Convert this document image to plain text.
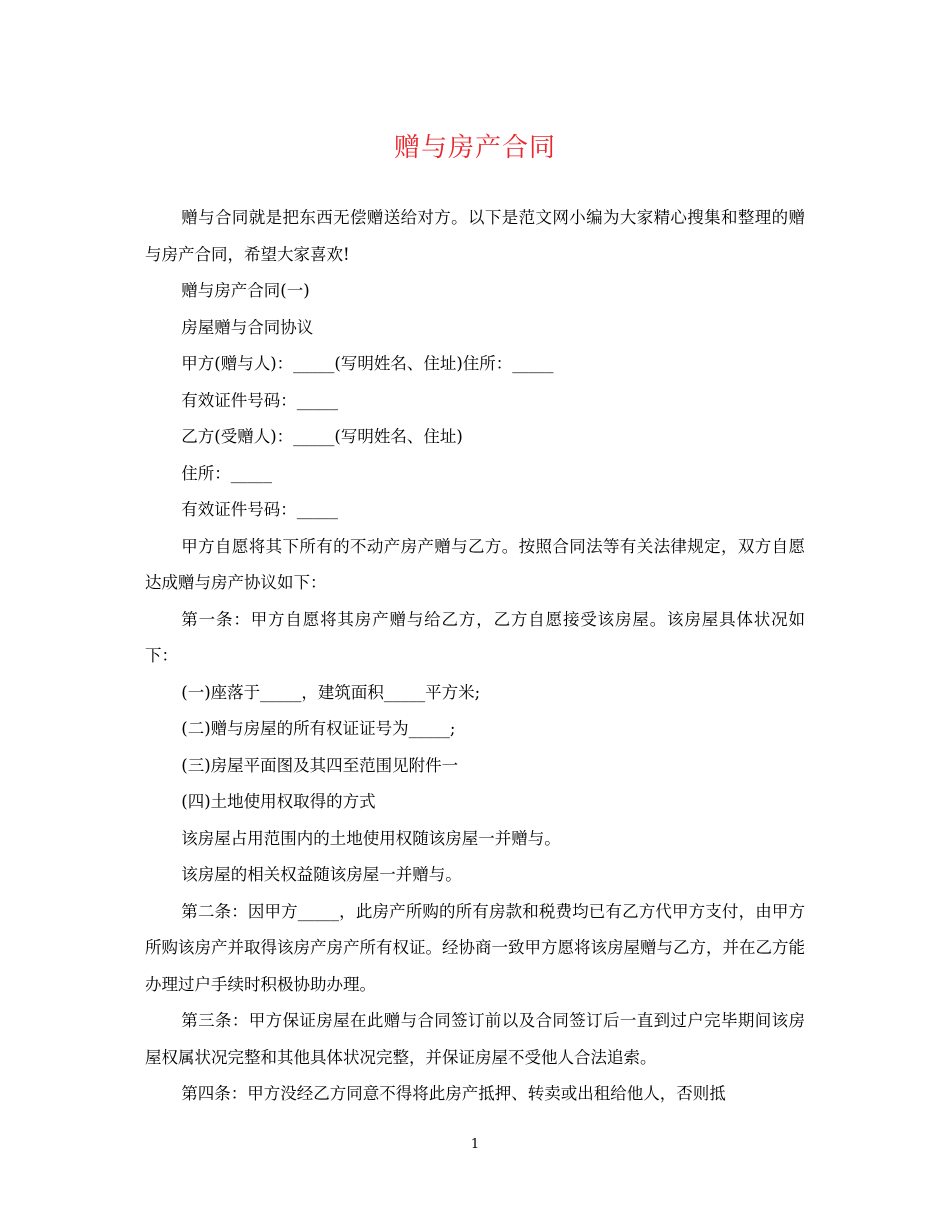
赠与房产合同

赠与合同就是把东西无偿赠送给对方。以下是范文网小编为大家精心搜集和整理的赠与房产合同，希望大家喜欢!

赠与房产合同(一)

房屋赠与合同协议

甲方(赠与人)：_____(写明姓名、住址)住所：_____

有效证件号码：_____

乙方(受赠人)：_____(写明姓名、住址)

住所：_____

有效证件号码：_____

甲方自愿将其下所有的不动产房产赠与乙方。按照合同法等有关法律规定，双方自愿达成赠与房产协议如下：

第一条：甲方自愿将其房产赠与给乙方，乙方自愿接受该房屋。该房屋具体状况如下：

(一)座落于_____，建筑面积_____平方米;

(二)赠与房屋的所有权证证号为_____;

(三)房屋平面图及其四至范围见附件一

(四)土地使用权取得的方式

该房屋占用范围内的土地使用权随该房屋一并赠与。

该房屋的相关权益随该房屋一并赠与。

第二条：因甲方_____，此房产所购的所有房款和税费均已有乙方代甲方支付，由甲方所购该房产并取得该房产房产所有权证。经协商一致甲方愿将该房屋赠与乙方，并在乙方能办理过户手续时积极协助办理。

第三条：甲方保证房屋在此赠与合同签订前以及合同签订后一直到过户完毕期间该房屋权属状况完整和其他具体状况完整，并保证房屋不受他人合法追索。

第四条：甲方没经乙方同意不得将此房产抵押、转卖或出租给他人，否则抵

1
